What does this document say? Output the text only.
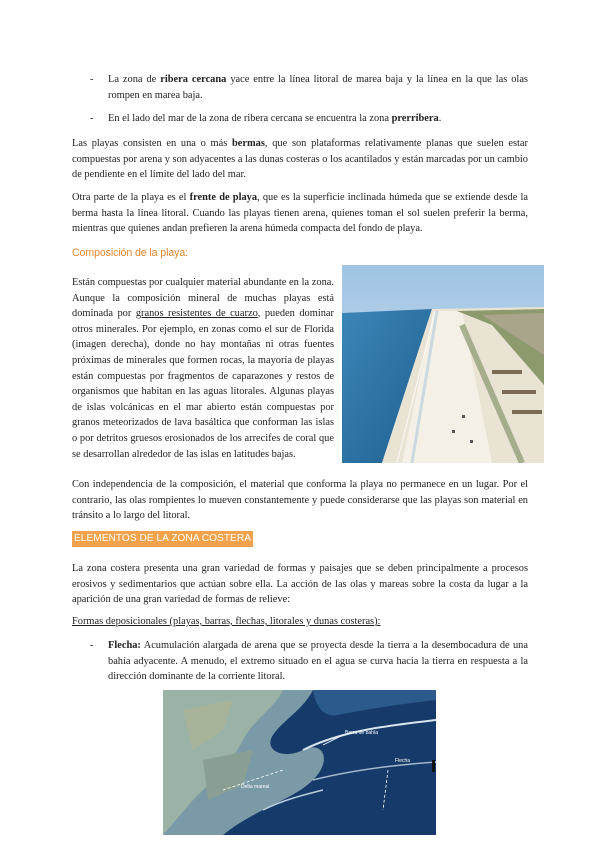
- La zona de ribera cercana yace entre la línea litoral de marea baja y la línea en la que las olas rompen en marea baja.

- En el lado del mar de la zona de ribera cercana se encuentra la zona prerribera.

Las playas consisten en una o más bermas, que son plataformas relativamente planas que suelen estar compuestas por arena y son adyacentes a las dunas costeras o los acantilados y están marcadas por un cambio de pendiente en el límite del lado del mar.

Otra parte de la playa es el frente de playa, que es la superficie inclinada húmeda que se extiende desde la berma hasta la línea litoral. Cuando las playas tienen arena, quienes toman el sol suelen preferir la berma, mientras que quienes andan prefieren la arena húmeda compacta del fondo de playa.

Composición de la playa:

Están compuestas por cualquier material abundante en la zona. Aunque la composición mineral de muchas playas está dominada por granos resistentes de cuarzo, pueden dominar otros minerales. Por ejemplo, en zonas como el sur de Florida (imagen derecha), donde no hay montañas ni otras fuentes próximas de minerales que formen rocas, la mayoría de playas están compuestas por fragmentos de caparazones y restos de organismos que habitan en las aguas litorales. Algunas playas de islas volcánicas en el mar abierto están compuestas por granos meteorizados de lava basáltica que conforman las islas o por detritos gruesos erosionados de los arrecifes de coral que se desarrollan alrededor de las islas en latitudes bajas.

Con independencia de la composición, el material que conforma la playa no permanece en un lugar. Por el contrario, las olas rompientes lo mueven constantemente y puede considerarse que las playas son material en tránsito a lo largo del litoral.

ELEMENTOS DE LA ZONA COSTERA

La zona costera presenta una gran variedad de formas y paisajes que se deben principalmente a procesos erosivos y sedimentarios que actúan sobre ella. La acción de las olas y mareas sobre la costa da lugar a la aparición de una gran variedad de formas de relieve:

Formas deposicionales (playas, barras, flechas, litorales y dunas costeras):

- Flecha: Acumulación alargada de arena que se proyecta desde la tierra a la desembocadura de una bahía adyacente. A menudo, el extremo situado en el agua se curva hacia la tierra en respuesta a la dirección dominante de la corriente litoral.

Barra de bahía
Flecha
Delta mareal
